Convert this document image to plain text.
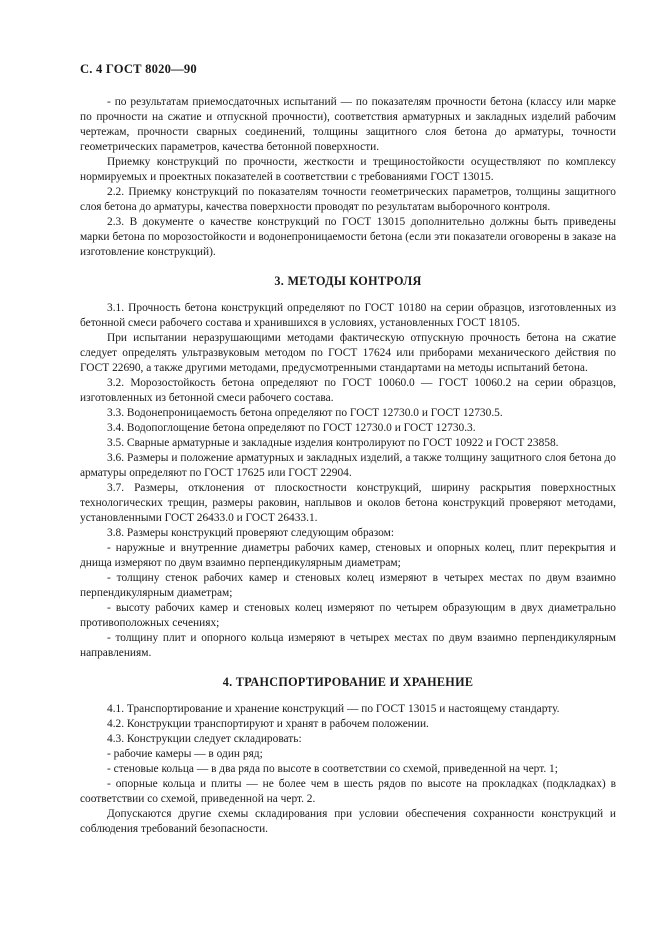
С. 4 ГОСТ 8020—90

- по результатам приемосдаточных испытаний — по показателям прочности бетона (классу или марке по прочности на сжатие и отпускной прочности), соответствия арматурных и закладных изделий рабочим чертежам, прочности сварных соединений, толщины защитного слоя бетона до арматуры, точности геометрических параметров, качества бетонной поверхности.

Приемку конструкций по прочности, жесткости и трещиностойкости осуществляют по комплексу нормируемых и проектных показателей в соответствии с требованиями ГОСТ 13015.

2.2. Приемку конструкций по показателям точности геометрических параметров, толщины защитного слоя бетона до арматуры, качества поверхности проводят по результатам выборочного контроля.

2.3. В документе о качестве конструкций по ГОСТ 13015 дополнительно должны быть приведены марки бетона по морозостойкости и водонепроницаемости бетона (если эти показатели оговорены в заказе на изготовление конструкций).

3. МЕТОДЫ КОНТРОЛЯ

3.1. Прочность бетона конструкций определяют по ГОСТ 10180 на серии образцов, изготовленных из бетонной смеси рабочего состава и хранившихся в условиях, установленных ГОСТ 18105.

При испытании неразрушающими методами фактическую отпускную прочность бетона на сжатие следует определять ультразвуковым методом по ГОСТ 17624 или приборами механического действия по ГОСТ 22690, а также другими методами, предусмотренными стандартами на методы испытаний бетона.

3.2. Морозостойкость бетона определяют по ГОСТ 10060.0 — ГОСТ 10060.2 на серии образцов, изготовленных из бетонной смеси рабочего состава.

3.3. Водонепроницаемость бетона определяют по ГОСТ 12730.0 и ГОСТ 12730.5.

3.4. Водопоглощение бетона определяют по ГОСТ 12730.0 и ГОСТ 12730.3.

3.5. Сварные арматурные и закладные изделия контролируют по ГОСТ 10922 и ГОСТ 23858.

3.6. Размеры и положение арматурных и закладных изделий, а также толщину защитного слоя бетона до арматуры определяют по ГОСТ 17625 или ГОСТ 22904.

3.7. Размеры, отклонения от плоскостности конструкций, ширину раскрытия поверхностных технологических трещин, размеры раковин, наплывов и околов бетона конструкций проверяют методами, установленными ГОСТ 26433.0 и ГОСТ 26433.1.

3.8. Размеры конструкций проверяют следующим образом:

- наружные и внутренние диаметры рабочих камер, стеновых и опорных колец, плит перекрытия и днища измеряют по двум взаимно перпендикулярным диаметрам;

- толщину стенок рабочих камер и стеновых колец измеряют в четырех местах по двум взаимно перпендикулярным диаметрам;

- высоту рабочих камер и стеновых колец измеряют по четырем образующим в двух диаметрально противоположных сечениях;

- толщину плит и опорного кольца измеряют в четырех местах по двум взаимно перпендикулярным направлениям.

4. ТРАНСПОРТИРОВАНИЕ И ХРАНЕНИЕ

4.1. Транспортирование и хранение конструкций — по ГОСТ 13015 и настоящему стандарту.

4.2. Конструкции транспортируют и хранят в рабочем положении.

4.3. Конструкции следует складировать:

- рабочие камеры — в один ряд;

- стеновые кольца — в два ряда по высоте в соответствии со схемой, приведенной на черт. 1;

- опорные кольца и плиты — не более чем в шесть рядов по высоте на прокладках (подкладках) в соответствии со схемой, приведенной на черт. 2.

Допускаются другие схемы складирования при условии обеспечения сохранности конструкций и соблюдения требований безопасности.
